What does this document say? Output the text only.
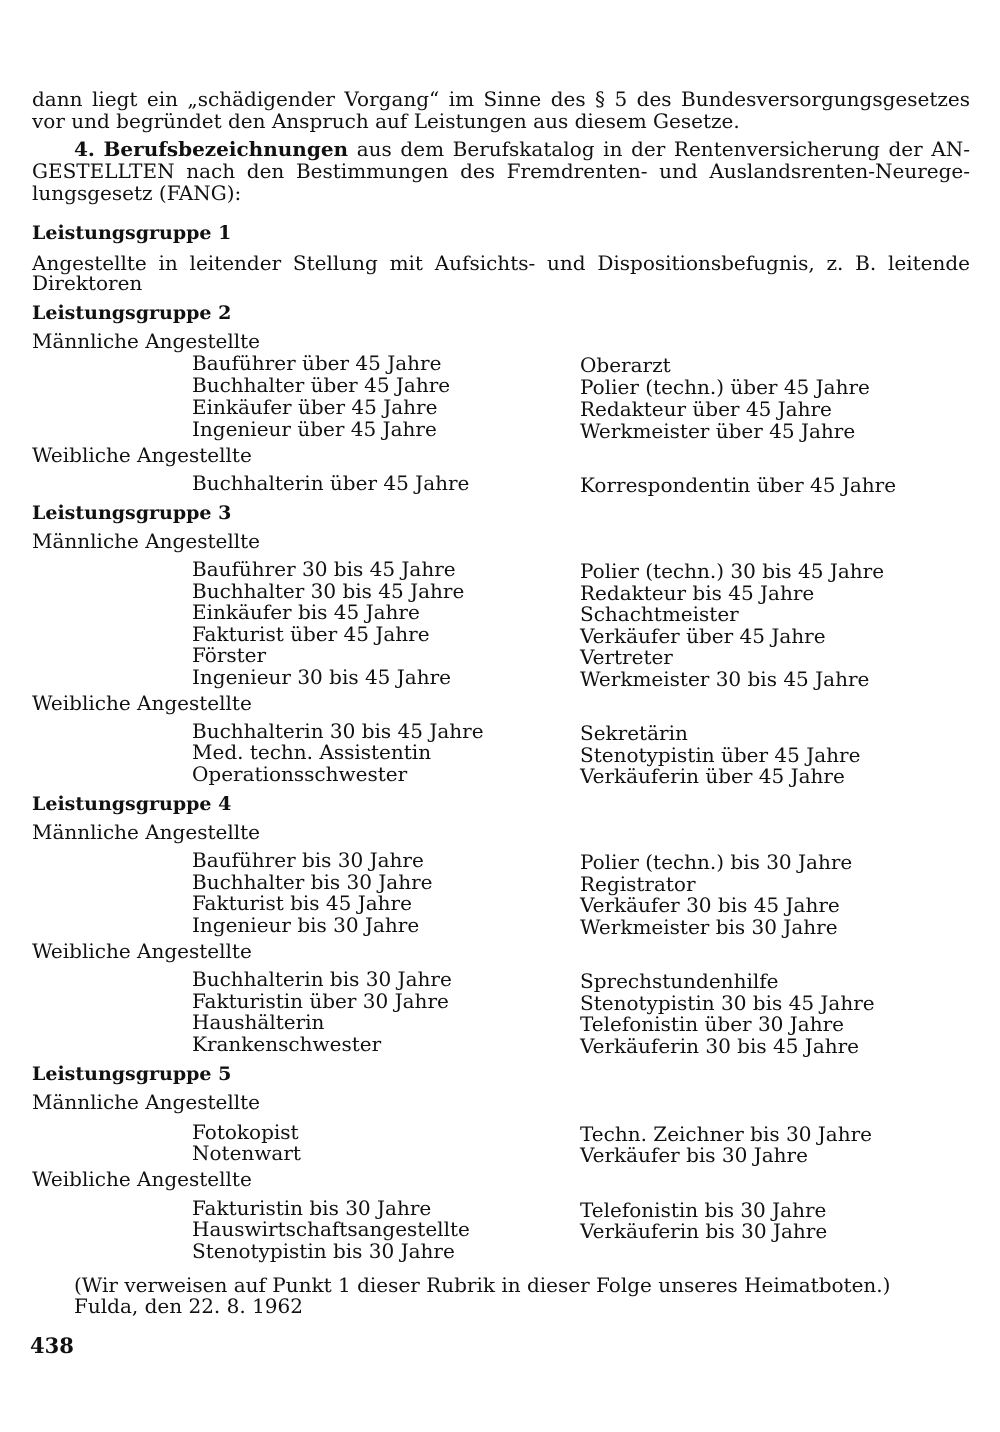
dann liegt ein „schädigender Vorgang“ im Sinne des § 5 des Bundesversorgungsgesetzes
vor und begründet den Anspruch auf Leistungen aus diesem Gesetze.
4. Berufsbezeichnungen aus dem Berufskatalog in der Rentenversicherung der AN-
GESTELLTEN nach den Bestimmungen des Fremdrenten- und Auslandsrenten-Neurege-
lungsgesetz (FANG):
Leistungsgruppe 1
Angestellte in leitender Stellung mit Aufsichts- und Dispositionsbefugnis, z. B. leitende
Direktoren
Leistungsgruppe 2
Männliche Angestellte
Bauführer über 45 Jahre
Buchhalter über 45 Jahre
Einkäufer über 45 Jahre
Ingenieur über 45 Jahre
Oberarzt
Polier (techn.) über 45 Jahre
Redakteur über 45 Jahre
Werkmeister über 45 Jahre
Weibliche Angestellte
Buchhalterin über 45 Jahre	Korrespondentin über 45 Jahre
Leistungsgruppe 3
Männliche Angestellte
Bauführer 30 bis 45 Jahre
Buchhalter 30 bis 45 Jahre
Einkäufer bis 45 Jahre
Fakturist über 45 Jahre
Förster
Ingenieur 30 bis 45 Jahre
Polier (techn.) 30 bis 45 Jahre
Redakteur bis 45 Jahre
Schachtmeister
Verkäufer über 45 Jahre
Vertreter
Werkmeister 30 bis 45 Jahre
Weibliche Angestellte
Buchhalterin 30 bis 45 Jahre
Med. techn. Assistentin
Operationsschwester
Sekretärin
Stenotypistin über 45 Jahre
Verkäuferin über 45 Jahre
Leistungsgruppe 4
Männliche Angestellte
Bauführer bis 30 Jahre
Buchhalter bis 30 Jahre
Fakturist bis 45 Jahre
Ingenieur bis 30 Jahre
Polier (techn.) bis 30 Jahre
Registrator
Verkäufer 30 bis 45 Jahre
Werkmeister bis 30 Jahre
Weibliche Angestellte
Buchhalterin bis 30 Jahre
Fakturistin über 30 Jahre
Haushälterin
Krankenschwester
Sprechstundenhilfe
Stenotypistin 30 bis 45 Jahre
Telefonistin über 30 Jahre
Verkäuferin 30 bis 45 Jahre
Leistungsgruppe 5
Männliche Angestellte
Fotokopist
Notenwart
Techn. Zeichner bis 30 Jahre
Verkäufer bis 30 Jahre
Weibliche Angestellte
Fakturistin bis 30 Jahre
Hauswirtschaftsangestellte
Stenotypistin bis 30 Jahre
Telefonistin bis 30 Jahre
Verkäuferin bis 30 Jahre
(Wir verweisen auf Punkt 1 dieser Rubrik in dieser Folge unseres Heimatboten.)
Fulda, den 22. 8. 1962
438
